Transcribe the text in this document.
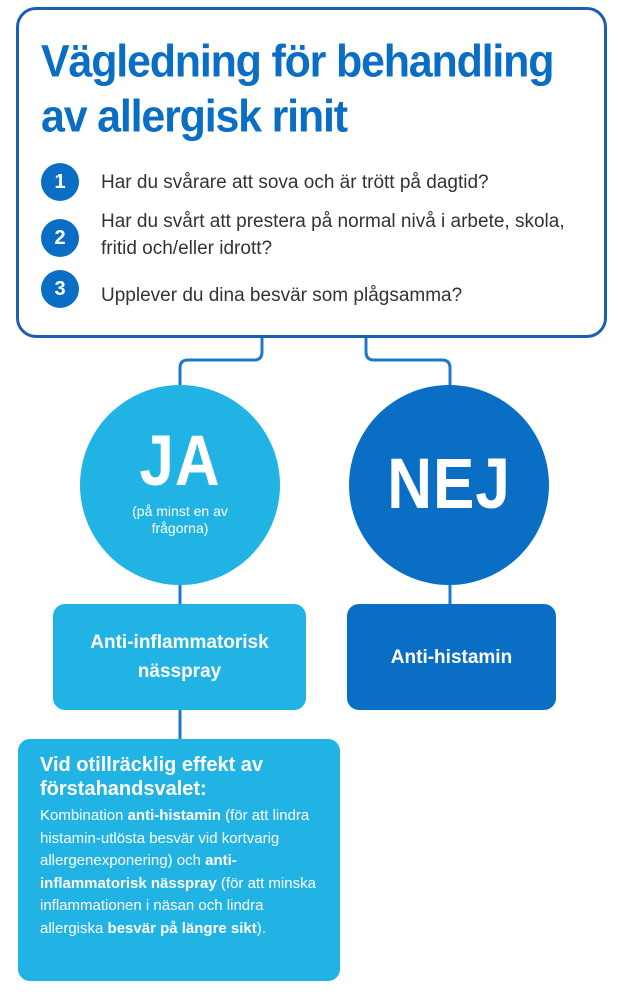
Vägledning för behandling av allergisk rinit
1	Har du svårare att sova och är trött på dagtid?
2
Har du svårt att prestera på normal nivå i arbete, skola, fritid och/eller idrott?
3	Upplever du dina besvär som plågsamma?
JA
(på minst en av frågorna)
NEJ
Anti-inflammatorisk nässpray
Anti-histamin

Vid otillräcklig effekt av förstahandsvalet:

Kombination anti-histamin (för att lindra histamin-utlösta besvär vid kortvarig allergenexponering) och anti-inflammatorisk nässpray (för att minska inflammationen i näsan och lindra allergiska besvär på längre sikt).
